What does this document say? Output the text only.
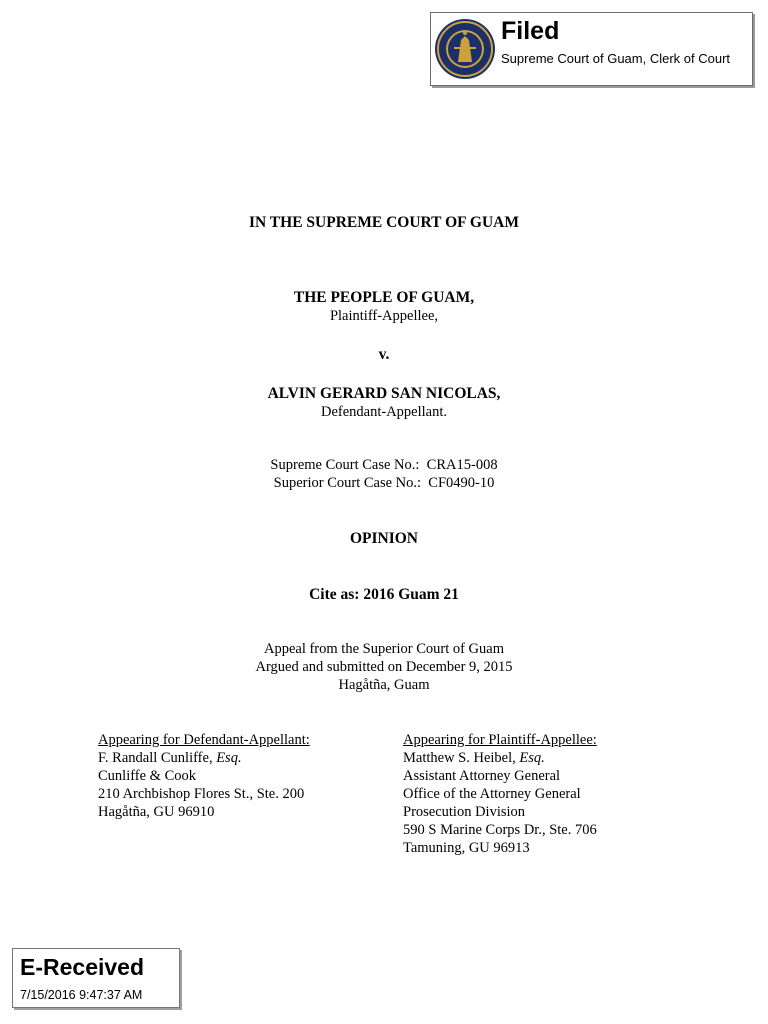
Filed
Supreme Court of Guam, Clerk of Court
IN THE SUPREME COURT OF GUAM
THE PEOPLE OF GUAM,
Plaintiff-Appellee,
v.
ALVIN GERARD SAN NICOLAS,
Defendant-Appellant.
Supreme Court Case No.:  CRA15-008
Superior Court Case No.:  CF0490-10
OPINION
Cite as: 2016 Guam 21
Appeal from the Superior Court of Guam
Argued and submitted on December 9, 2015
Hagåtña, Guam
Appearing for Defendant-Appellant:
F. Randall Cunliffe, Esq.
Cunliffe & Cook
210 Archbishop Flores St., Ste. 200
Hagåtña, GU 96910
Appearing for Plaintiff-Appellee:
Matthew S. Heibel, Esq.
Assistant Attorney General
Office of the Attorney General
Prosecution Division
590 S Marine Corps Dr., Ste. 706
Tamuning, GU 96913
E-Received
7/15/2016 9:47:37 AM
